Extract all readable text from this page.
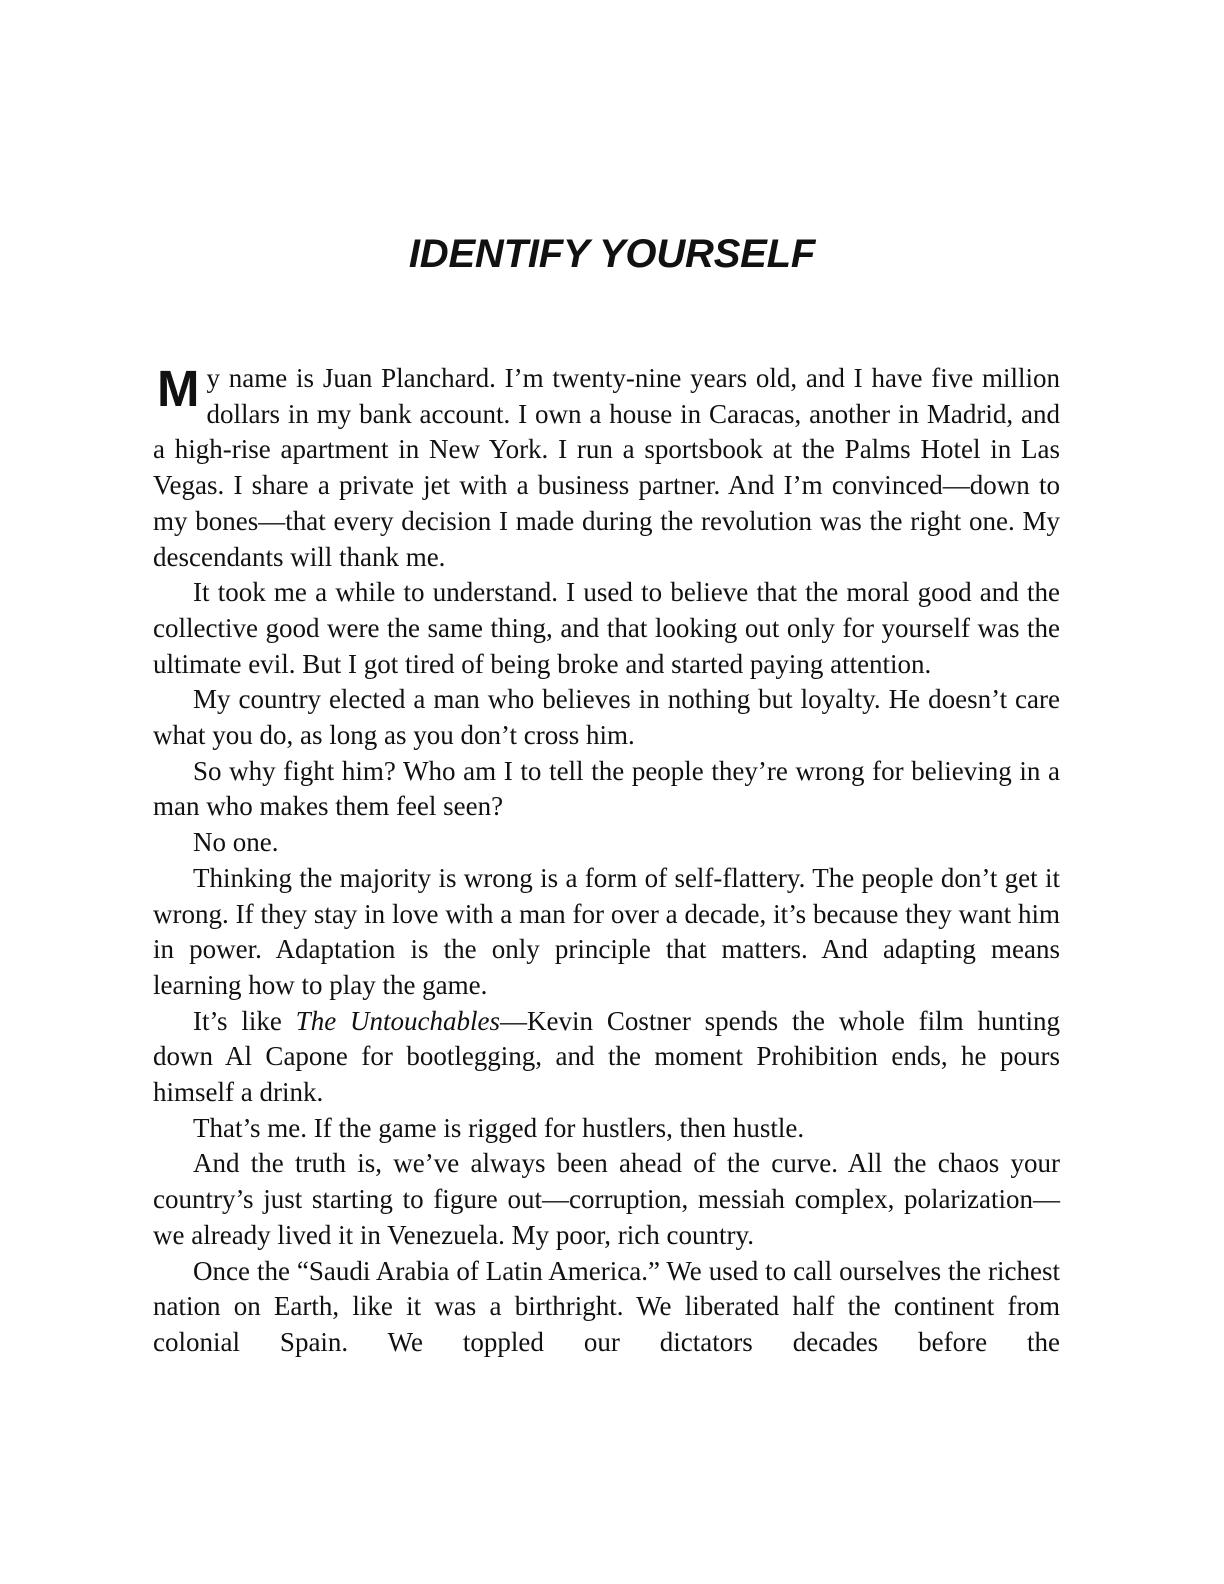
IDENTIFY YOURSELF

My name is Juan Planchard. I’m twenty-nine years old, and I have five million dollars in my bank account. I own a house in Caracas, another in Madrid, and a high-rise apartment in New York. I run a sportsbook at the Palms Hotel in Las Vegas. I share a private jet with a business partner. And I’m convinced—down to my bones—that every decision I made during the revolution was the right one. My descendants will thank me.

It took me a while to understand. I used to believe that the moral good and the collective good were the same thing, and that looking out only for yourself was the ultimate evil. But I got tired of being broke and started paying attention.

My country elected a man who believes in nothing but loyalty. He doesn’t care what you do, as long as you don’t cross him.

So why fight him? Who am I to tell the people they’re wrong for believing in a man who makes them feel seen?

No one.

Thinking the majority is wrong is a form of self-flattery. The people don’t get it wrong. If they stay in love with a man for over a decade, it’s because they want him in power. Adaptation is the only principle that matters. And adapting means learning how to play the game.

It’s like The Untouchables—Kevin Costner spends the whole film hunting down Al Capone for bootlegging, and the moment Prohibition ends, he pours himself a drink.

That’s me. If the game is rigged for hustlers, then hustle.

And the truth is, we’ve always been ahead of the curve. All the chaos your country’s just starting to figure out—corruption, messiah complex, polarization—we already lived it in Venezuela. My poor, rich country.

Once the “Saudi Arabia of Latin America.” We used to call ourselves the richest nation on Earth, like it was a birthright. We liberated half the continent from colonial Spain. We toppled our dictators decades before the
